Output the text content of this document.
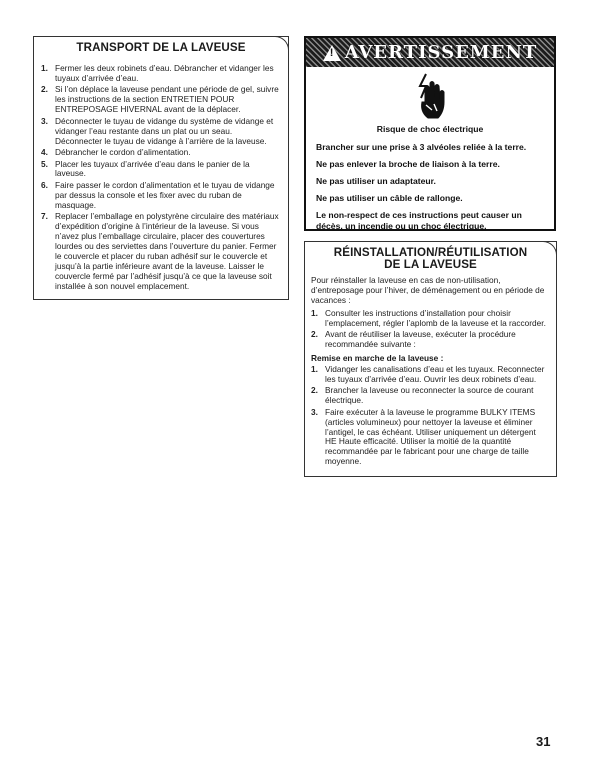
TRANSPORT DE LA LAVEUSE
1. Fermer les deux robinets d’eau. Débrancher et vidanger les tuyaux d’arrivée d’eau.
2. Si l’on déplace la laveuse pendant une période de gel, suivre les instructions de la section ENTRETIEN POUR ENTREPOSAGE HIVERNAL avant de la déplacer.
3. Déconnecter le tuyau de vidange du système de vidange et vidanger l’eau restante dans un plat ou un seau. Déconnecter le tuyau de vidange à l’arrière de la laveuse.
4. Débrancher le cordon d’alimentation.
5. Placer les tuyaux d’arrivée d’eau dans le panier de la laveuse.
6. Faire passer le cordon d’alimentation et le tuyau de vidange par dessus la console et les fixer avec du ruban de masquage.
7. Replacer l’emballage en polystyrène circulaire des matériaux d’expédition d’origine à l’intérieur de la laveuse. Si vous n’avez plus l’emballage circulaire, placer des couvertures lourdes ou des serviettes dans l’ouverture du panier. Fermer le couvercle et placer du ruban adhésif sur le couvercle et jusqu’à la partie inférieure avant de la laveuse. Laisser le couvercle fermé par l’adhésif jusqu’à ce que la laveuse soit installée à son nouvel emplacement.
!
AVERTISSEMENT
Risque de choc électrique
Brancher sur une prise à 3 alvéoles reliée à la terre.
Ne pas enlever la broche de liaison à la terre.
Ne pas utiliser un adaptateur.
Ne pas utiliser un câble de rallonge.
Le non-respect de ces instructions peut causer un décès, un incendie ou un choc électrique.
RÉINSTALLATION/RÉUTILISATION
DE LA LAVEUSE
Pour réinstaller la laveuse en cas de non-utilisation, d’entreposage pour l’hiver, de déménagement ou en période de vacances :
1. Consulter les instructions d’installation pour choisir l’emplacement, régler l’aplomb de la laveuse et la raccorder.
2. Avant de réutiliser la laveuse, exécuter la procédure recommandée suivante :
Remise en marche de la laveuse :
1. Vidanger les canalisations d’eau et les tuyaux. Reconnecter les tuyaux d’arrivée d’eau. Ouvrir les deux robinets d’eau.
2. Brancher la laveuse ou reconnecter la source de courant électrique.
3. Faire exécuter à la laveuse le programme BULKY ITEMS (articles volumineux) pour nettoyer la laveuse et éliminer l’antigel, le cas échéant. Utiliser uniquement un détergent HE Haute efficacité. Utiliser la moitié de la quantité recommandée par le fabricant pour une charge de taille moyenne.
31
